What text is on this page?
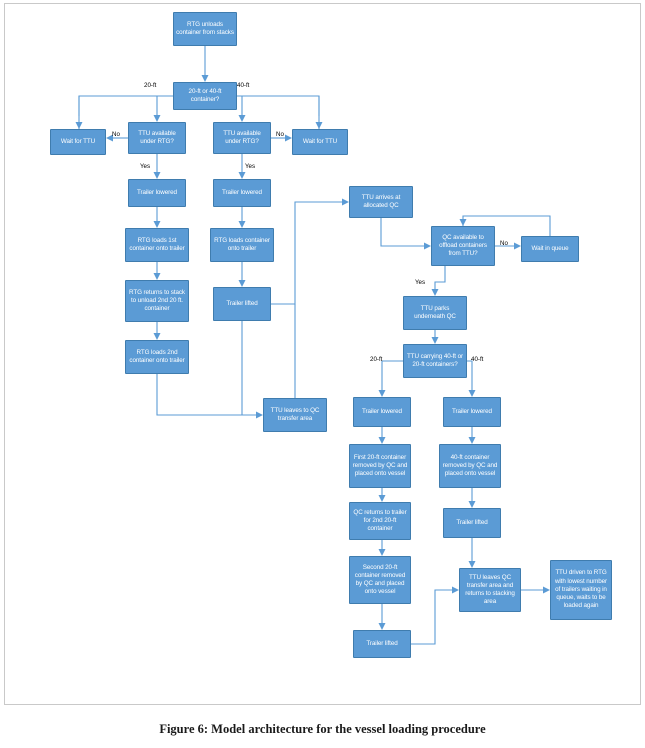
RTG unloads container from stacks
20-ft or 40-ft container?
Wait for TTU
TTU available under RTG?
TTU available under RTG?	Wait for TTU
Trailer lowered	Trailer lowered
RTG loads 1st container onto trailer
RTG loads container onto trailer
RTG returns to stack to unload 2nd 20 ft. container
Trailer lifted
RTG loads 2nd container onto trailer
TTU leaves to QC transfer area
TTU arrives at allocated QC
QC available to offload containers from TTU?
Wait in queue
TTU parks underneath QC
TTU carrying 40-ft or 20-ft containers?
Trailer lowered	Trailer lowered
First 20-ft container removed by QC and placed onto vessel
40-ft container removed by QC and placed onto vessel
QC returns to trailer for 2nd 20-ft container
Trailer lifted
Second 20-ft container removed by QC and placed onto vessel
TTU leaves QC transfer area and returns to stacking area
TTU driven to RTG with lowest number of trailers waiting in queue, waits to be loaded again
Trailer lifted
20-ft	40-ft
No	No
Yes	Yes
No
Yes
20-ft	40-ft
Figure 6: Model architecture for the vessel loading procedure
